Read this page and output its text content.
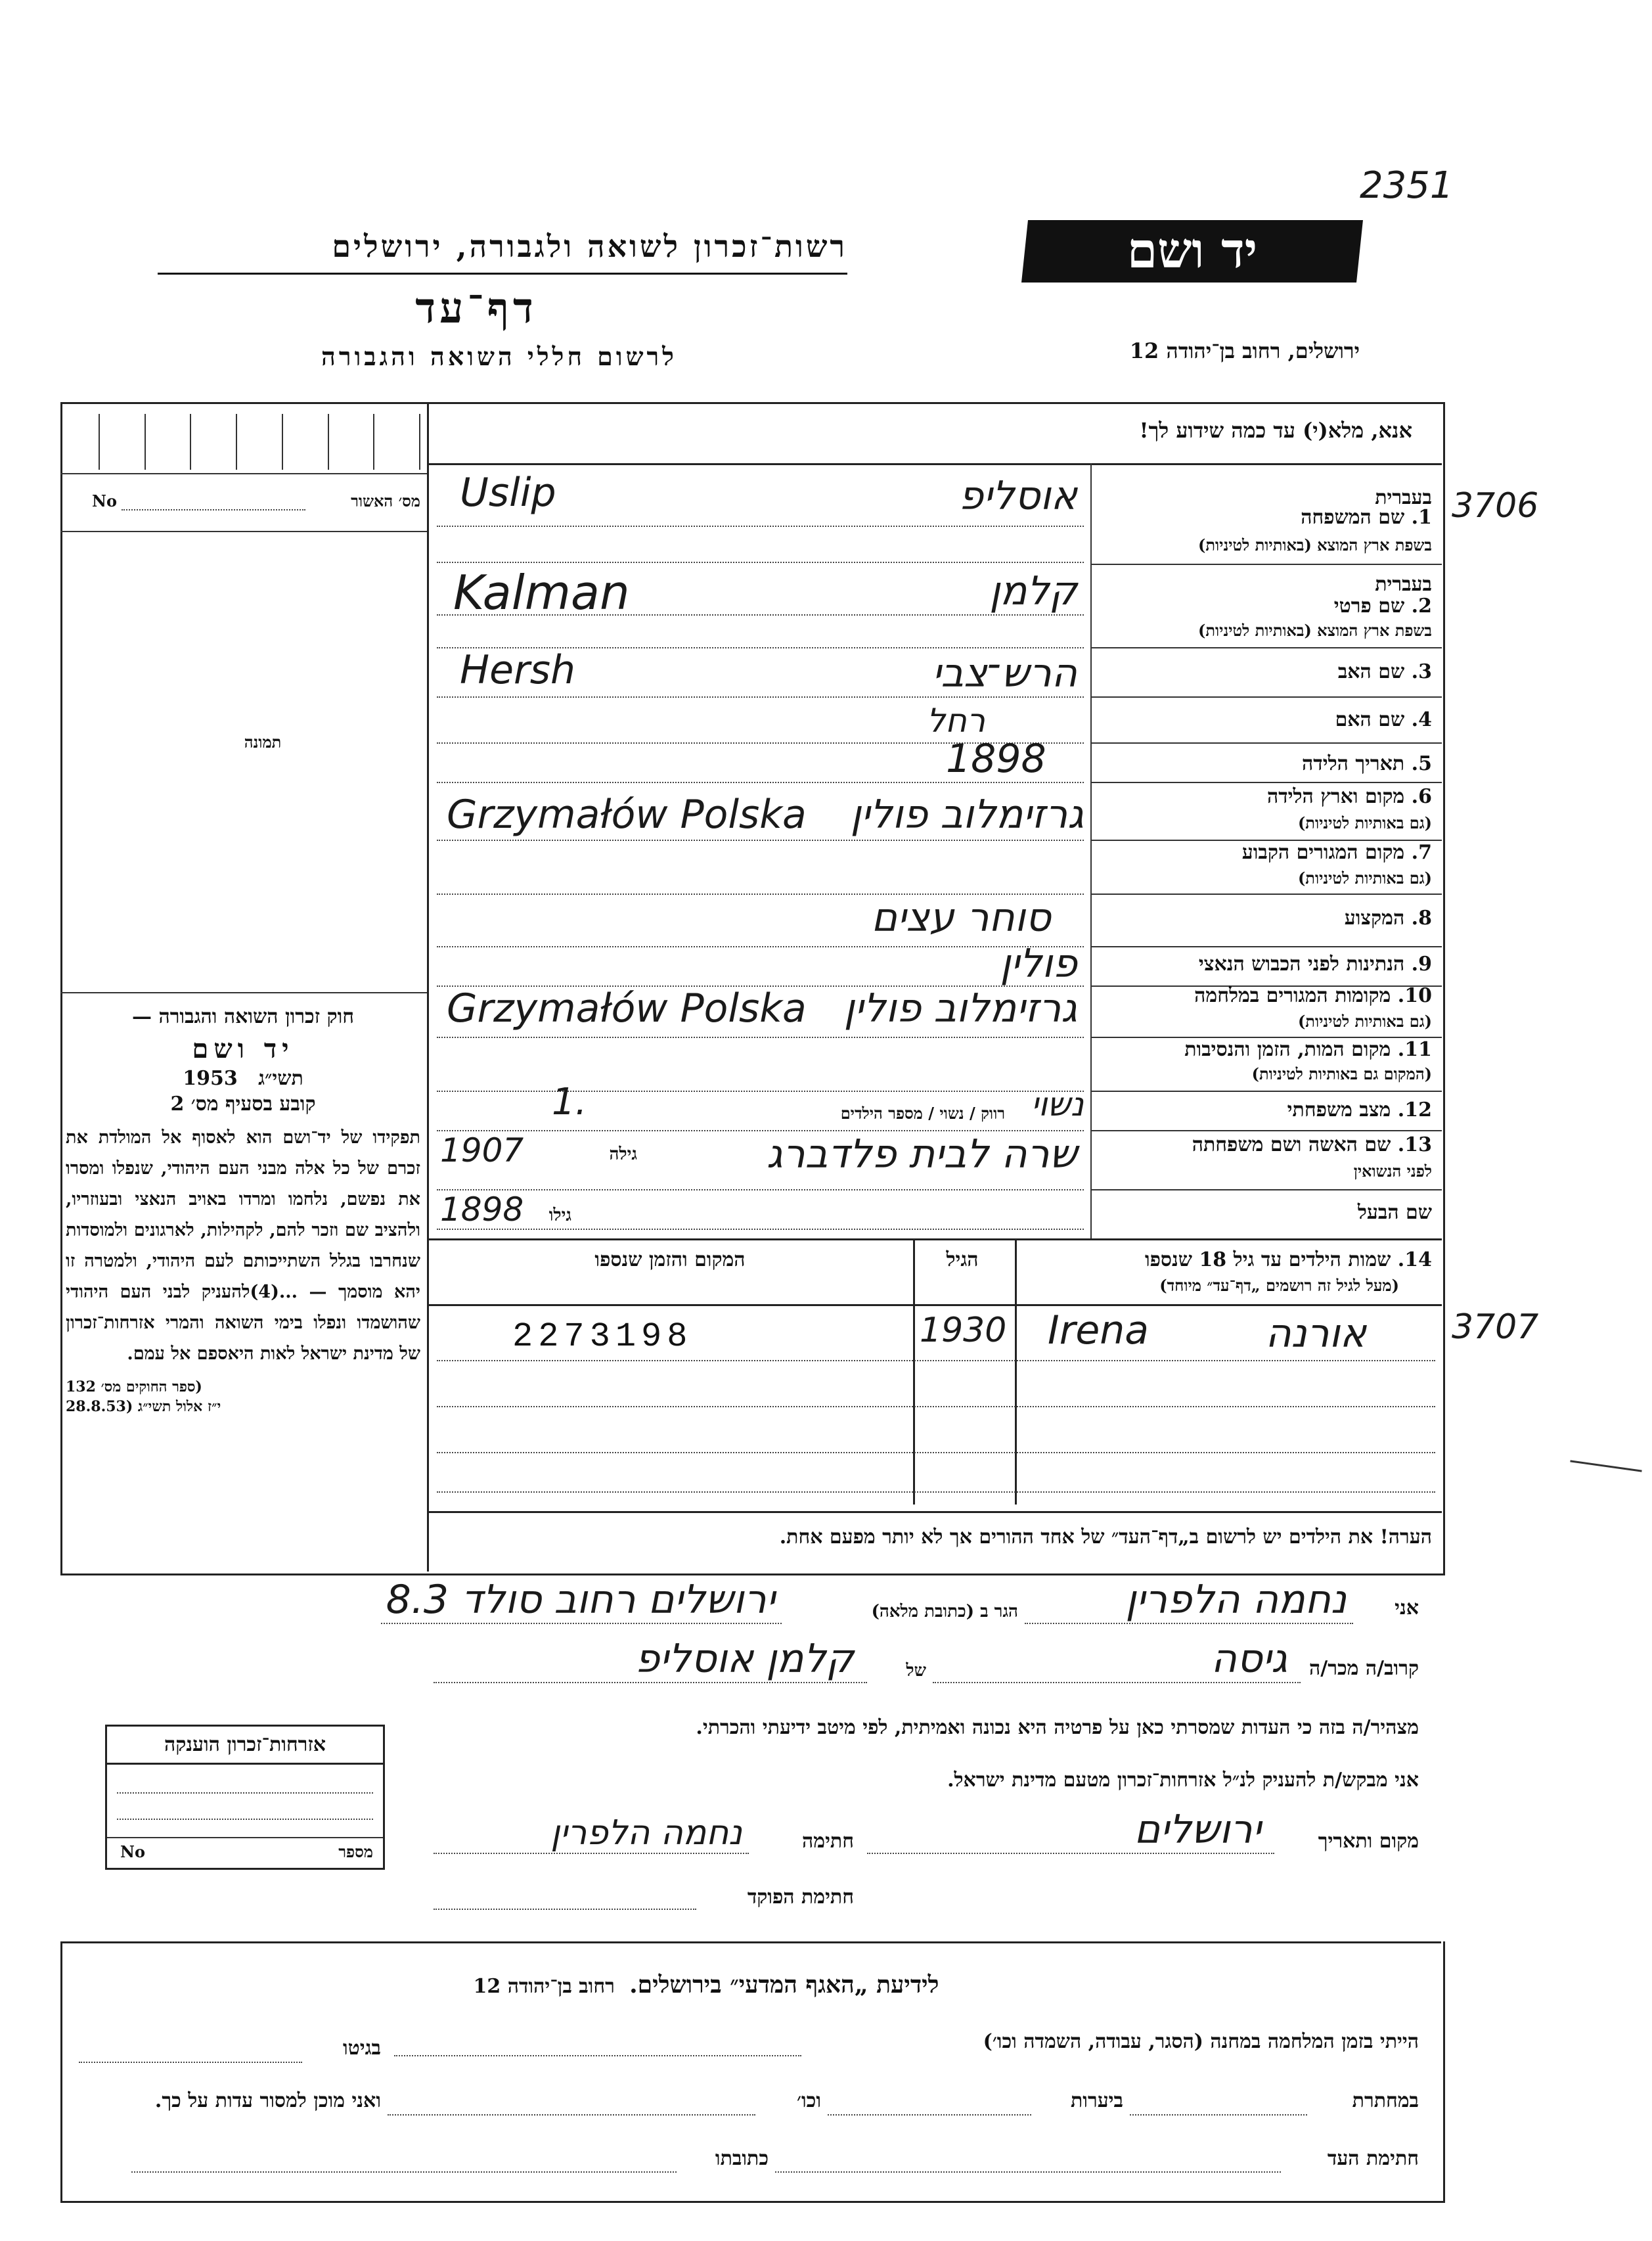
2351
יד ושם
ירושלים, רחוב בן־יהודה 12
רשות־זכרון לשואה ולגבורה, ירושלים
דף־עד
לרשום חללי השואה והגבורה
מס׳ האשור
No
תמונה
חוק זכרון השואה והגבורה —
יד ושם
תשי״ג   1953
קובע בסעיף מס׳ 2
תפקידו של יד־ושם הוא לאסוף אל המולדת את זכרם של כל אלה מבני העם היהודי, שנפלו ומסרו את נפשם, נלחמו ומרדו באויב הנאצי ובעוזריו, ולהציב שם וזכר להם, לקהילות, לארגונים ולמוסדות שנחרבו בגלל השתייכותם לעם היהודי, ולמטרה זו יהא מוסמך — ...(4)להעניק לבני העם היהודי שהושמדו ונפלו בימי השואה והמרי אזרחות־זכרון של מדינת ישראל לאות היאספם אל עמם.
(ספר החוקים מס׳ 132
י״ז אלול תשי״ג (28.8.53
אזרחות־זכרון הוענקה
מספר
No
אנא, מלא(י) עד כמה שידוע לך!
בעברית
1. שם המשפחה
בשפת ארץ המוצא (באותיות לטיניות)
אוסליפ
Uslip
בעברית
2. שם פרטי
בשפת ארץ המוצא (באותיות לטיניות)
קלמן
Kalman
3. שם האב
הרש־צבי
Hersh
4. שם האם
רחל
5. תאריך הלידה
1898
6. מקום וארץ הלידה
(גם באותיות לטיניות)
גרזימלוב פולין
Grzymałów Polska
7. מקום המגורים הקבוע
(גם באותיות לטיניות)
8. המקצוע
סוחר עצים
9. הנתינות לפני הכבוש הנאצי
פולין
10. מקומות המגורים במלחמה
(גם באותיות לטיניות)
גרזימלוב פולין
Grzymałów Polska
11. מקום המות, הזמן והנסיבות
(המקום גם באותיות לטיניות)
12. מצב משפחתי
נשוי
רווק / נשוי / מספר הילדים
1.
13. שם האשה ושם משפחתה
לפני הנשואין
שרה לבית פלדברג
גילה
1907
שם הבעל
גילו
1898
14. שמות הילדים עד גיל 18 שנספו
(מעל לגיל זה רושמים „דף־עד״ מיוחד)
הגיל
המקום והזמן שנספו
אורנה
Irena
1930
2273198
הערה! את הילדים יש לרשום ב„דף־העד״ של אחד ההורים אך לא יותר מפעם אחת.
אני
נחמה הלפרין
הגר ב (כתובת מלאה)
ירושלים רחוב סולד 8.3
קרוב/ה מכר/ה
גיסה
של
קלמן אוסליפ
מצהיר/ה בזה כי העדות שמסרתי כאן על פרטיה היא נכונה ואמיתית, לפי מיטב ידיעתי והכרתי.
אני מבקש/ת להעניק לנ״ל אזרחות־זכרון מטעם מדינת ישראל.
מקום ותאריך
ירושלים
חתימה
נחמה הלפרין
חתימת הפוקד
לידיעת „האגף המדעי״ בירושלים.    רחוב בן־יהודה 12
הייתי בזמן המלחמה במחנה (הסגר, עבודה, השמדה וכו׳)
בגיטו
במחתרת
ביערות
וכו׳
ואני מוכן למסור עדות על כך.
חתימת העד
כתובתו
3706
3707
